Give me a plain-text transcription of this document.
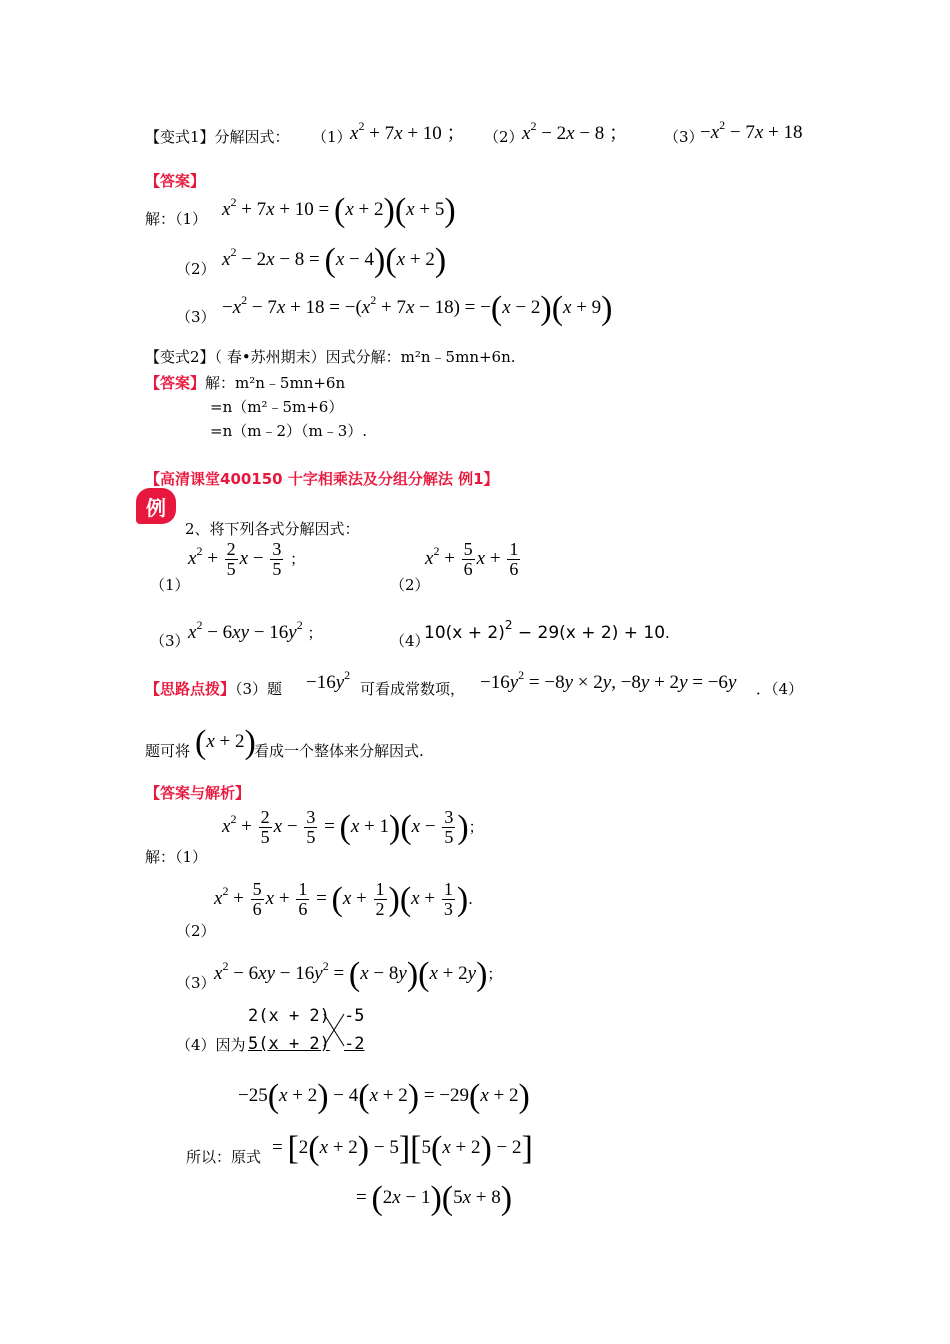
【变式1】分解因式： （1）
$x^2 + 7x + 10$ ； （2）
$x^2 - 2x - 8$ ； （3）
$-x^2 - 7x + 18$
【答案】
解：（1） $x^2 + 7x + 10 = (x + 2)(x + 5)$
（2） $x^2 - 2x - 8 = (x - 4)(x + 2)$
$(3) -x^2 - 7x + 18 = -(x^2 + 7x - 18) = -(x - 2)(x + 9)$
【变式2】（ 春•苏州期末）因式分解：m²n﹣5mn+6n.
【答案】解：m²n﹣5mn+6n
=n（m²﹣5m+6）
=n（m﹣2）（m﹣3）.
【高清课堂400150 十字相乘法及分组分解法 例1】
例
2、将下列各式分解因式：
（1）
$x^2 + \frac{2}{5}$ $x - \frac{3}{5}$ ；
（2）
$x^2 + \frac{5}{6}$ $x + \frac{1}{6}$
（3）
$x^2 - 6xy - 16y^2$ ；	（4）
$10(x + 2)^2 - 29(x + 2) + 10$.
【思路点拨】（3）题 $-16y^2$
可看成常数项， $-16y^2 = -8y \times 2y$, −8y + 2y = −6y ．（4）
题可将 (x + 2)
看成一个整体来分解因式.
【答案与解析】
解：（1）
$x^2 + \frac{2}{5}$ $x - \frac{3}{5} = (x + 1)(x - \frac{3}{5}$ )；
（2）
$x^2 + \frac{5}{6}$ $x + \frac{1}{6} = (x + \frac{1}{2} )(x + \frac{1}{3}$ ).
（3）
$x^2 - 6xy - 16y^2 = (x - 8y)(x + 2y)$；
（4）因为
2(x + 2) -5
5(x + 2) -2
−25(x + 2) − 4(x + 2) = −29(x + 2)
所以：原式 = [2(x + 2) − 5][5(x + 2) − 2]
= (2x − 1)(5x + 8)
